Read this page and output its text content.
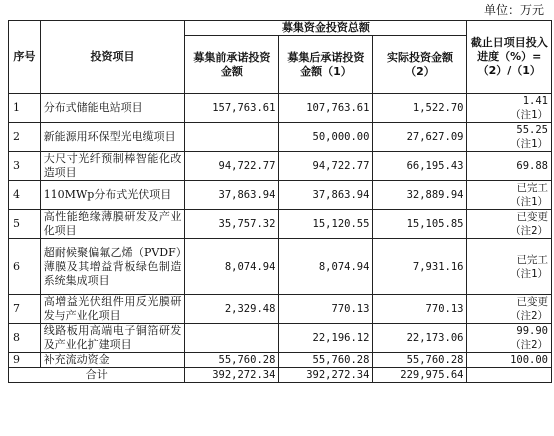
单位：万元
序号	投资项目	募集资金投资总额			截止日项目投入进度（%）=（2）/（1）
		募集前承诺投资金额	募集后承诺投资金额（1）	实际投资金额（2）	
1	分布式储能电站项目	157,763.61	107,763.61	1,522.70	1.41
（注1）

2	新能源用环保型光电缆项目		50,000.00	27,627.09	55.25
（注1）

3	大尺寸光纤预制棒智能化改造项目	94,722.77	94,722.77	66,195.43	69.88

4	110MWp分布式光伏项目	37,863.94	37,863.94	32,889.94	已完工
（注1）

5	高性能绝缘薄膜研发及产业化项目	35,757.32	15,120.55	15,105.85	已变更
（注2）

6	超耐候聚偏氟乙烯（PVDF）薄膜及其增益背板绿色制造系统集成项目	8,074.94	8,074.94	7,931.16	已完工
（注1）

7	高增益光伏组件用反光膜研发与产业化项目	2,329.48	770.13	770.13	已变更
（注2）

8	线路板用高端电子铜箔研发及产业化扩建项目		22,196.12	22,173.06	99.90
（注2）

9	补充流动资金	55,760.28	55,760.28	55,760.28	100.00

合计		392,272.34	392,272.34	229,975.64	
